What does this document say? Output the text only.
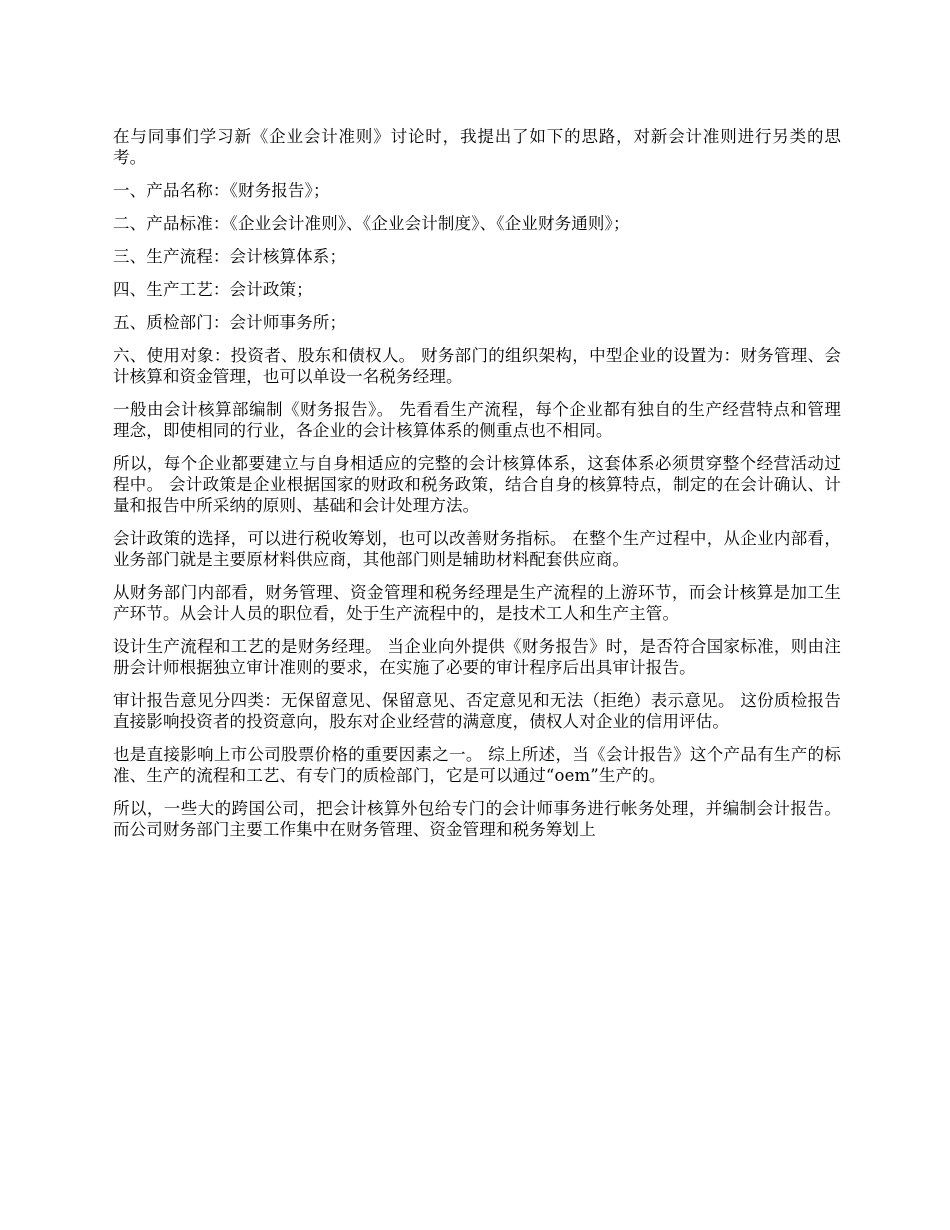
在与同事们学习新《企业会计准则》讨论时，我提出了如下的思路，对新会计准则进行另类的思考。

一、产品名称：《财务报告》；

二、产品标准：《企业会计准则》、《企业会计制度》、《企业财务通则》；

三、生产流程：会计核算体系；

四、生产工艺：会计政策；

五、质检部门：会计师事务所；

六、使用对象：投资者、股东和债权人。 财务部门的组织架构，中型企业的设置为：财务管理、会计核算和资金管理，也可以单设一名税务经理。

一般由会计核算部编制《财务报告》。 先看看生产流程，每个企业都有独自的生产经营特点和管理理念，即使相同的行业，各企业的会计核算体系的侧重点也不相同。

所以，每个企业都要建立与自身相适应的完整的会计核算体系，这套体系必须贯穿整个经营活动过程中。 会计政策是企业根据国家的财政和税务政策，结合自身的核算特点，制定的在会计确认、计量和报告中所采纳的原则、基础和会计处理方法。

会计政策的选择，可以进行税收筹划，也可以改善财务指标。 在整个生产过程中，从企业内部看，业务部门就是主要原材料供应商，其他部门则是辅助材料配套供应商。

从财务部门内部看，财务管理、资金管理和税务经理是生产流程的上游环节，而会计核算是加工生产环节。从会计人员的职位看，处于生产流程中的，是技术工人和生产主管。

设计生产流程和工艺的是财务经理。 当企业向外提供《财务报告》时，是否符合国家标准，则由注册会计师根据独立审计准则的要求，在实施了必要的审计程序后出具审计报告。

审计报告意见分四类：无保留意见、保留意见、否定意见和无法（拒绝）表示意见。 这份质检报告直接影响投资者的投资意向，股东对企业经营的满意度，债权人对企业的信用评估。

也是直接影响上市公司股票价格的重要因素之一。 综上所述，当《会计报告》这个产品有生产的标准、生产的流程和工艺、有专门的质检部门，它是可以通过“oem”生产的。

所以，一些大的跨国公司，把会计核算外包给专门的会计师事务进行帐务处理，并编制会计报告。而公司财务部门主要工作集中在财务管理、资金管理和税务筹划上
